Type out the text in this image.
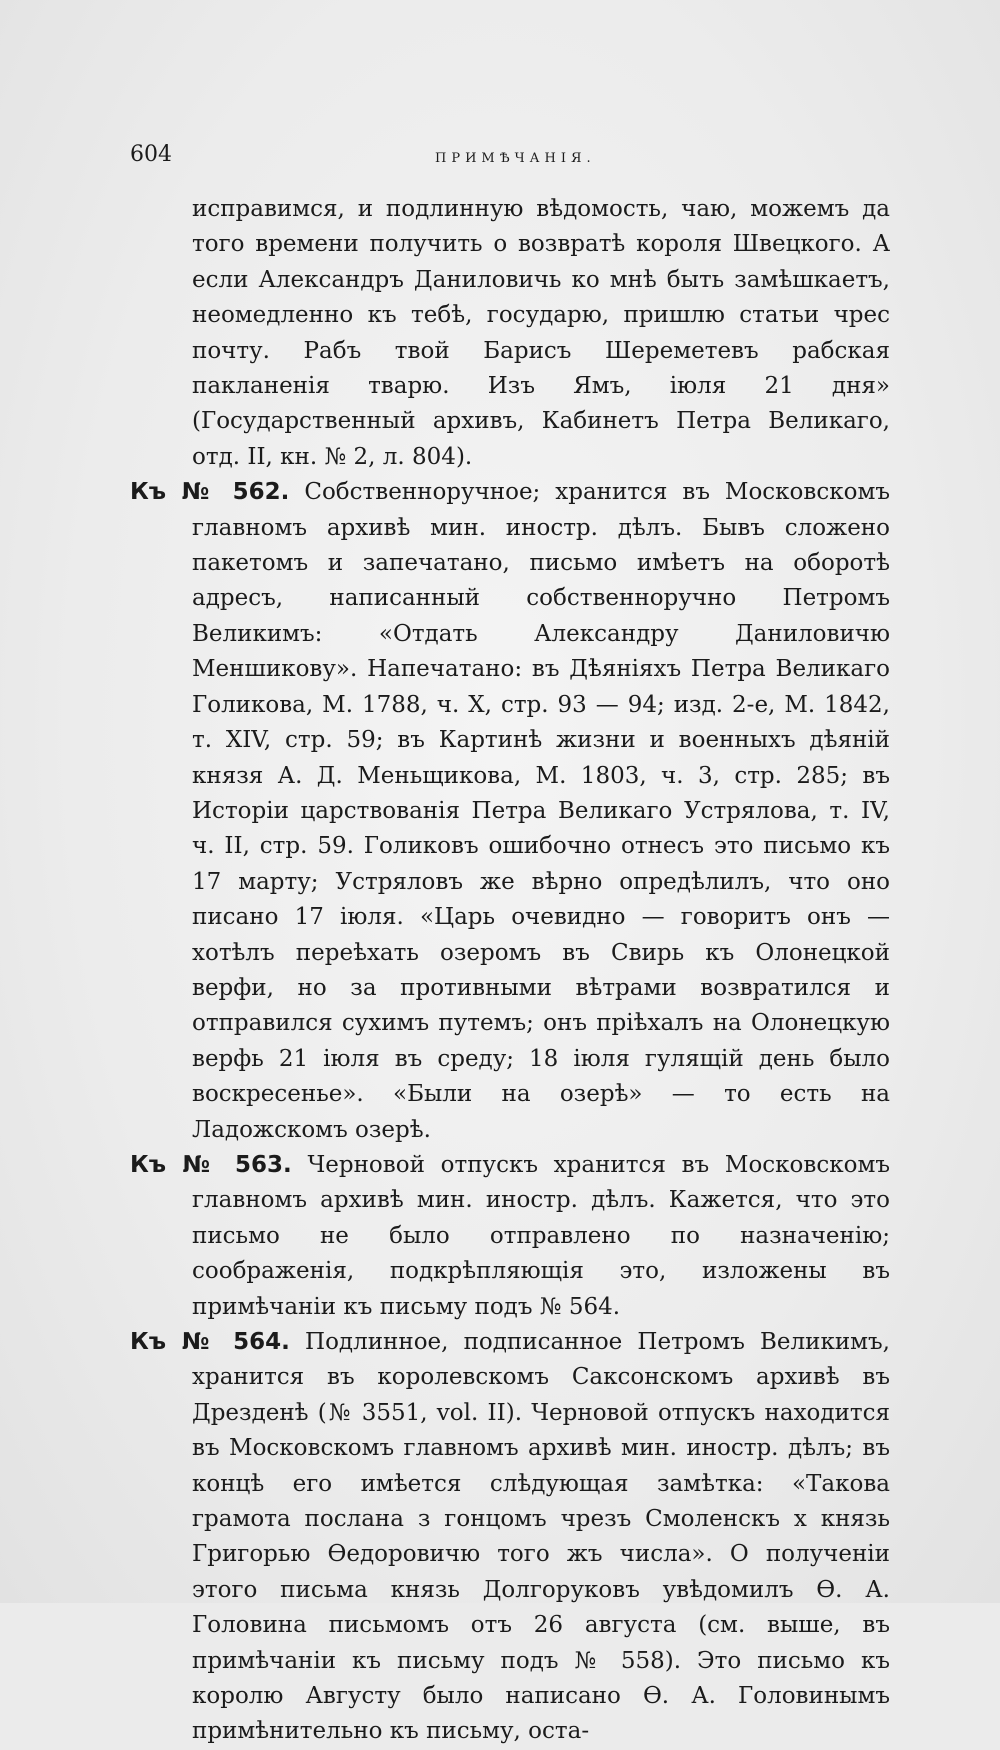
604	ПРИМѢЧАНІЯ.

исправимся, и подлинную вѣдомость, чаю, можемъ да того времени получить о возвратѣ короля Швецкого. А если Александръ Даниловичь ко мнѣ быть замѣшкаетъ, неомедленно къ тебѣ, государю, пришлю статьи чрес почту. Рабъ твой Барисъ Шереметевъ рабская пакланенія тварю. Изъ Ямъ, іюля 21 дня» (Государственный архивъ, Кабинетъ Петра Великаго, отд. II, кн. № 2, л. 804).

Къ № 562. Собственноручное; хранится въ Московскомъ главномъ архивѣ мин. иностр. дѣлъ. Бывъ сложено пакетомъ и запечатано, письмо имѣетъ на оборотѣ адресъ, написанный собственноручно Петромъ Великимъ: «Отдать Александру Даниловичю Меншикову». Напечатано: въ Дѣяніяхъ Петра Великаго Голикова, М. 1788, ч. X, стр. 93 — 94; изд. 2-е, М. 1842, т. XIV, стр. 59; въ Картинѣ жизни и военныхъ дѣяній князя А. Д. Меньщикова, М. 1803, ч. 3, стр. 285; въ Исторіи царствованія Петра Великаго Устрялова, т. IV, ч. II, стр. 59. Голиковъ ошибочно отнесъ это письмо къ 17 марту; Устряловъ же вѣрно опредѣлилъ, что оно писано 17 іюля. «Царь очевидно — говоритъ онъ — хотѣлъ переѣхать озеромъ въ Свирь къ Олонецкой верфи, но за противными вѣтрами возвратился и отправился сухимъ путемъ; онъ пріѣхалъ на Олонецкую верфь 21 іюля въ среду; 18 іюля гулящій день было воскресенье». «Были на озерѣ» — то есть на Ладожскомъ озерѣ.

Къ № 563. Черновой отпускъ хранится въ Московскомъ главномъ архивѣ мин. иностр. дѣлъ. Кажется, что это письмо не было отправлено по назначенію; соображенія, подкрѣпляющія это, изложены въ примѣчаніи къ письму подъ № 564.

Къ № 564. Подлинное, подписанное Петромъ Великимъ, хранится въ королевскомъ Саксонскомъ архивѣ въ Дрезденѣ (№ 3551, vol. II). Черновой отпускъ находится въ Московскомъ главномъ архивѣ мин. иностр. дѣлъ; въ концѣ его имѣется слѣдующая замѣтка: «Такова грамота послана з гонцомъ чрезъ Смоленскъ х князь Григорью Өедоровичю того жъ числа». О полученіи этого письма князь Долгоруковъ увѣдомилъ Ө. А. Головина письмомъ отъ 26 августа (см. выше, въ примѣчаніи къ письму подъ № 558). Это письмо къ королю Августу было написано Ө. А. Головинымъ примѣнительно къ письму, оста-
